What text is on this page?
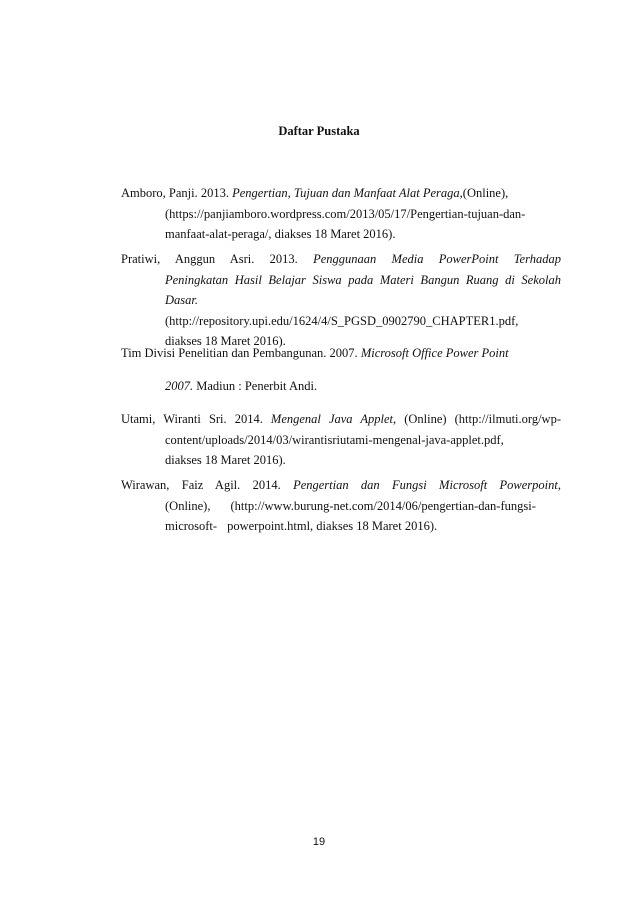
Daftar Pustaka
Amboro, Panji. 2013. Pengertian, Tujuan dan Manfaat Alat Peraga,(Online),
(https://panjiamboro.wordpress.com/2013/05/17/Pengertian-tujuan-dan-
manfaat-alat-peraga/, diakses 18 Maret 2016).
Pratiwi, Anggun Asri. 2013. Penggunaan Media PowerPoint Terhadap
Peningkatan Hasil Belajar Siswa pada Materi Bangun Ruang di Sekolah
Dasar.
(http://repository.upi.edu/1624/4/S_PGSD_0902790_CHAPTER1.pdf,
diakses 18 Maret 2016).
Tim Divisi Penelitian dan Pembangunan. 2007. Microsoft Office Power Point
2007. Madiun : Penerbit Andi.
Utami, Wiranti Sri. 2014. Mengenal Java Applet, (Online) (http://ilmuti.org/wp-
content/uploads/2014/03/wirantisriutami-mengenal-java-applet.pdf,
diakses 18 Maret 2016).
Wirawan, Faiz Agil. 2014. Pengertian dan Fungsi Microsoft Powerpoint,
(Online), (http://www.burung-net.com/2014/06/pengertian-dan-fungsi-
microsoft- powerpoint.html, diakses 18 Maret 2016).
19
